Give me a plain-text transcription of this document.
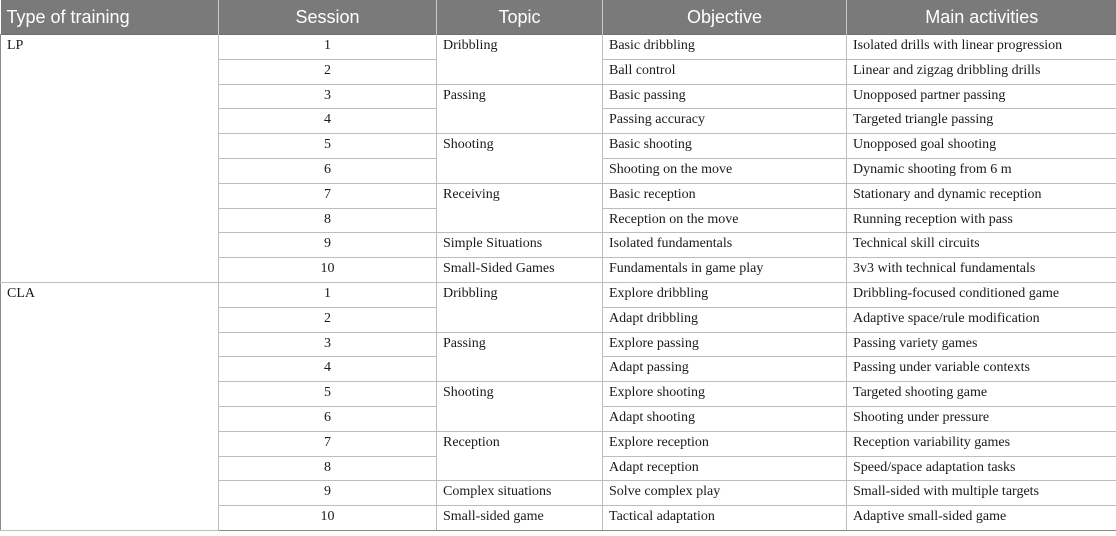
Type of training	Session	Topic	Objective	Main activities
LP	1	Dribbling	Basic dribbling	Isolated drills with linear progression
	2		Ball control	Linear and zigzag dribbling drills
	3	Passing	Basic passing	Unopposed partner passing
	4		Passing accuracy	Targeted triangle passing
	5	Shooting	Basic shooting	Unopposed goal shooting
	6		Shooting on the move	Dynamic shooting from 6 m
	7	Receiving	Basic reception	Stationary and dynamic reception
	8		Reception on the move	Running reception with pass
	9	Simple Situations	Isolated fundamentals	Technical skill circuits
	10	Small-Sided Games	Fundamentals in game play	3v3 with technical fundamentals
CLA	1	Dribbling	Explore dribbling	Dribbling-focused conditioned game
	2		Adapt dribbling	Adaptive space/rule modification
	3	Passing	Explore passing	Passing variety games
	4		Adapt passing	Passing under variable contexts
	5	Shooting	Explore shooting	Targeted shooting game
	6		Adapt shooting	Shooting under pressure
	7	Reception	Explore reception	Reception variability games
	8		Adapt reception	Speed/space adaptation tasks
	9	Complex situations	Solve complex play	Small-sided with multiple targets
	10	Small-sided game	Tactical adaptation	Adaptive small-sided game
